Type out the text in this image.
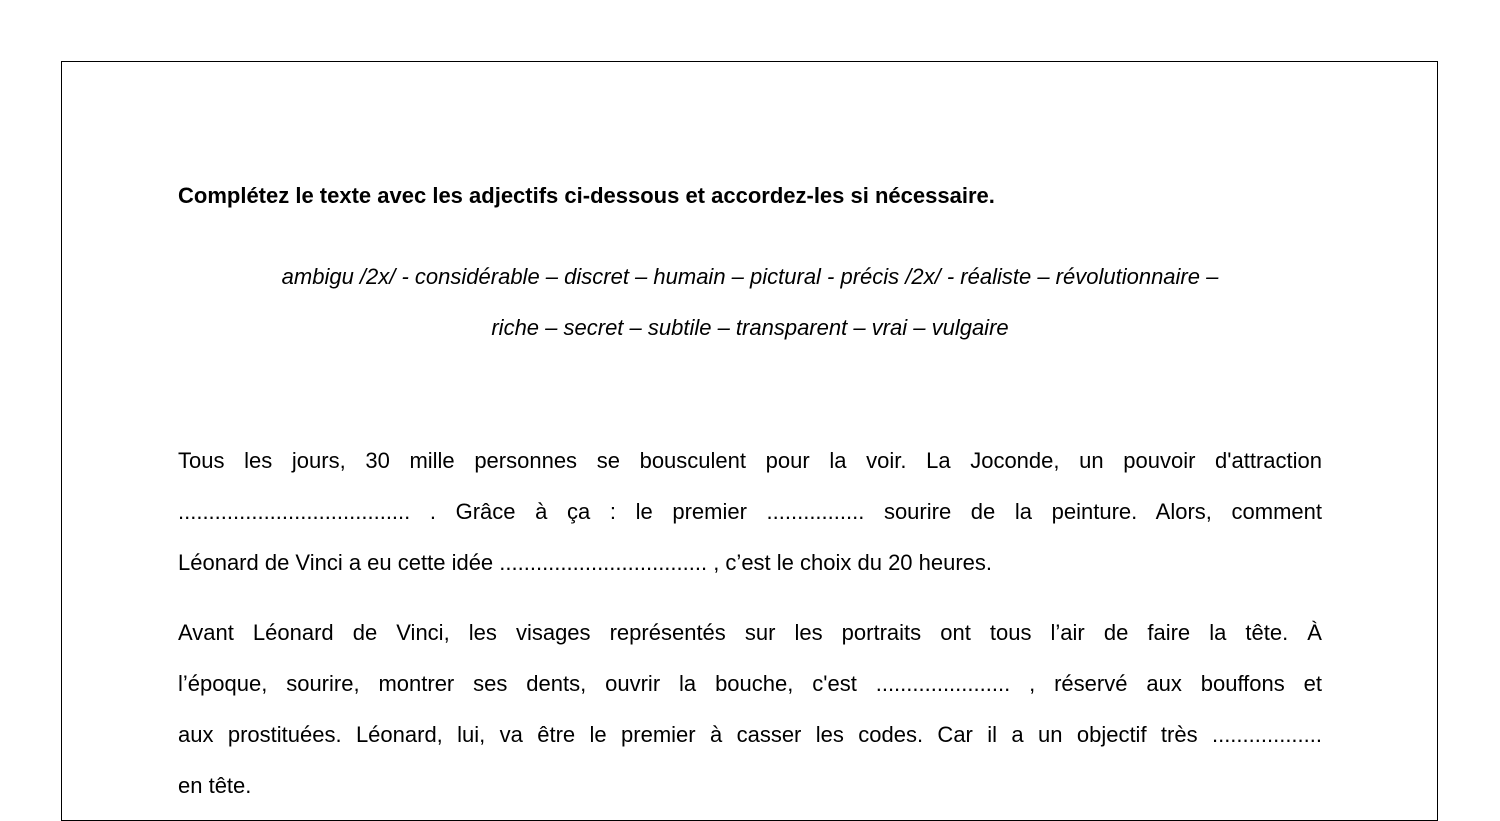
Complétez le texte avec les adjectifs ci-dessous et accordez-les si nécessaire.
ambigu /2x/ - considérable – discret – humain – pictural - précis /2x/ - réaliste – révolutionnaire –
riche – secret – subtile – transparent – vrai – vulgaire
Tous les jours, 30 mille personnes se bousculent pour la voir. La Joconde, un pouvoir d'attraction
...................................... . Grâce à ça : le premier ................ sourire de la peinture. Alors, comment
Léonard de Vinci a eu cette idée .................................. , c’est le choix du 20 heures.
Avant Léonard de Vinci, les visages représentés sur les portraits ont tous l’air de faire la tête. À
l’époque, sourire, montrer ses dents, ouvrir la bouche, c'est ...................... , réservé aux bouffons et
aux prostituées. Léonard, lui, va être le premier à casser les codes. Car il a un objectif très ..................
en tête.
